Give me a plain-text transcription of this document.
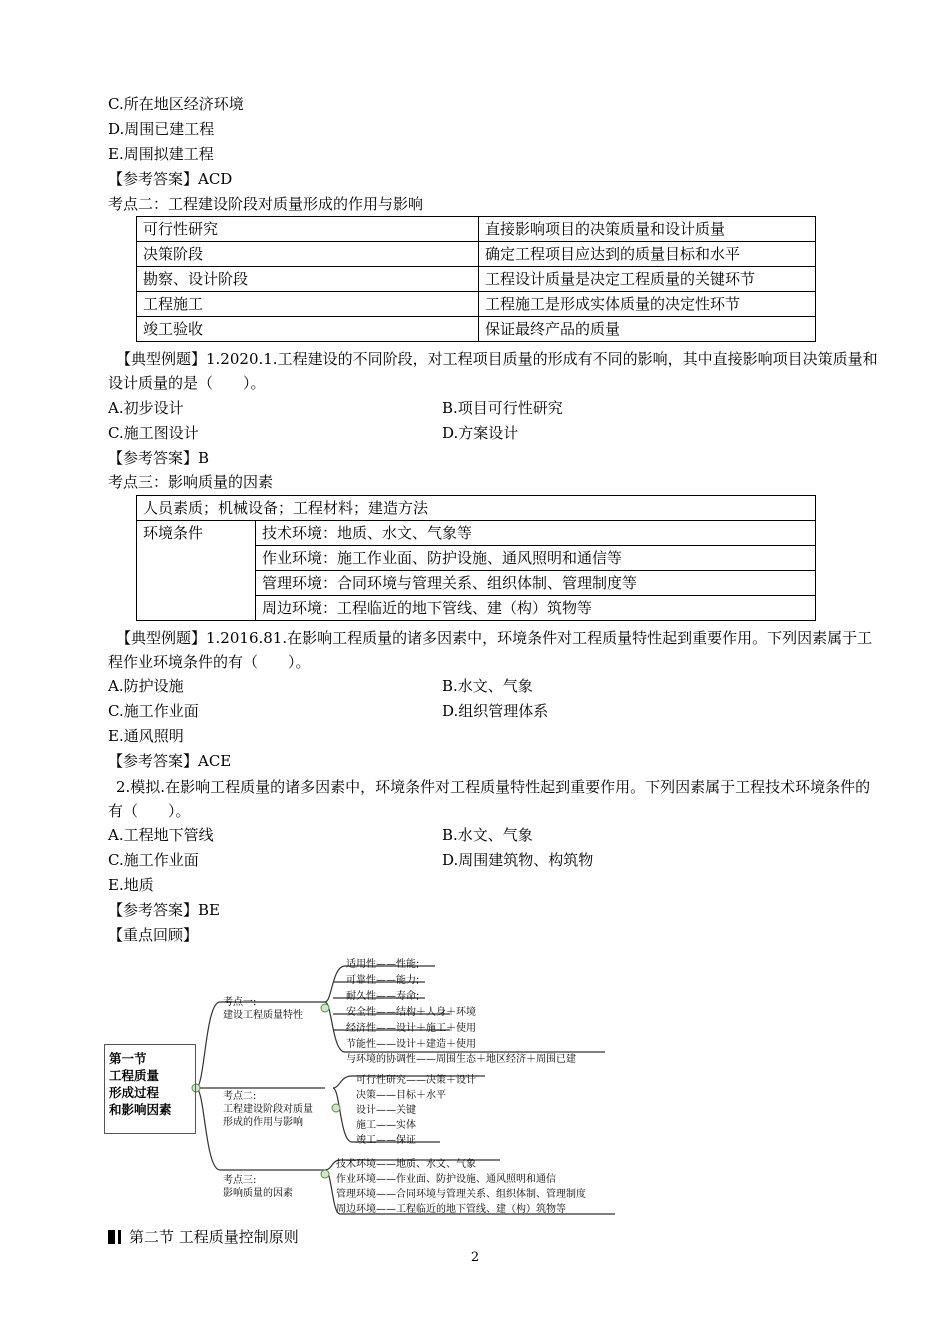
C.所在地区经济环境
D.周围已建工程
E.周围拟建工程
【参考答案】ACD
考点二：工程建设阶段对质量形成的作用与影响
可行性研究	直接影响项目的决策质量和设计质量
决策阶段	确定工程项目应达到的质量目标和水平
勘察、设计阶段	工程设计质量是决定工程质量的关键环节
工程施工	工程施工是形成实体质量的决定性环节
竣工验收	保证最终产品的质量
【典型例题】1.2020.1.工程建设的不同阶段，对工程项目质量的形成有不同的影响，其中直接影响项目决策质量和设计质量的是（　　）。
A.初步设计	B.项目可行性研究
C.施工图设计	D.方案设计
【参考答案】B
考点三：影响质量的因素
人员素质；机械设备；工程材料；建造方法
环境条件	技术环境：地质、水文、气象等
作业环境：施工作业面、防护设施、通风照明和通信等
管理环境：合同环境与管理关系、组织体制、管理制度等
周边环境：工程临近的地下管线、建（构）筑物等
【典型例题】1.2016.81.在影响工程质量的诸多因素中，环境条件对工程质量特性起到重要作用。下列因素属于工程作业环境条件的有（　　）。
A.防护设施	B.水文、气象
C.施工作业面	D.组织管理体系
E.通风照明
【参考答案】ACE
2.模拟.在影响工程质量的诸多因素中，环境条件对工程质量特性起到重要作用。下列因素属于工程技术环境条件的有（　　）。
A.工程地下管线	B.水文、气象
C.施工作业面	D.周围建筑物、构筑物
E.地质
【参考答案】BE
【重点回顾】
第一节
工程质量
形成过程
和影响因素
考点一:
建设工程质量特性
适用性——性能;
可靠性——能力;
耐久性——寿命;
安全性——结构＋人身＋环境
经济性——设计＋施工＋使用
节能性——设计＋建造＋使用
与环境的协调性——周围生态＋地区经济＋周围已建
考点二:
工程建设阶段对质量
形成的作用与影响
可行性研究——决策＋设计
决策——目标＋水平
设计——关键
施工——实体
竣工——保证
考点三:
影响质量的因素
技术环境——地质、水文、气象
作业环境——作业面、防护设施、通风照明和通信
管理环境——合同环境与管理关系、组织体制、管理制度
周边环境——工程临近的地下管线、建（构）筑物等
第二节 工程质量控制原则
2
